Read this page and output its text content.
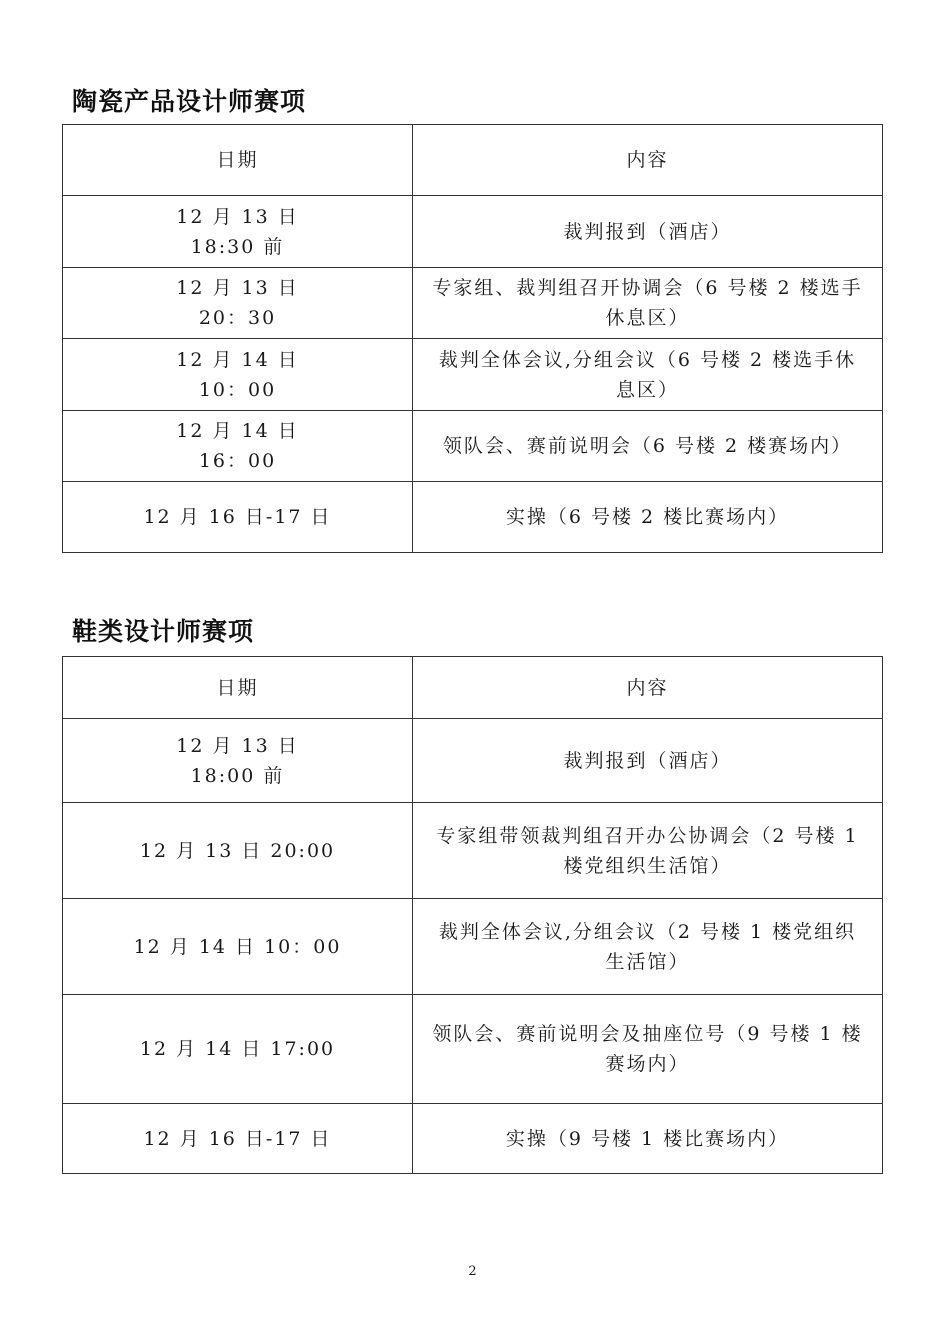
陶瓷产品设计师赛项
日期	内容

12 月 13 日
18:30 前	裁判报到（酒店）

12 月 13 日
20：30	专家组、裁判组召开协调会（6 号楼 2 楼选手
休息区）

12 月 14 日
10：00	裁判全体会议,分组会议（6 号楼 2 楼选手休
息区）

12 月 14 日
16：00	领队会、赛前说明会（6 号楼 2 楼赛场内）

12 月 16 日-17 日	实操（6 号楼 2 楼比赛场内）
鞋类设计师赛项
日期	内容

12 月 13 日
18:00 前	裁判报到（酒店）

12 月 13 日 20:00	专家组带领裁判组召开办公协调会（2 号楼 1
楼党组织生活馆）

12 月 14 日 10：00	裁判全体会议,分组会议（2 号楼 1 楼党组织
生活馆）

12 月 14 日 17:00	领队会、赛前说明会及抽座位号（9 号楼 1 楼
赛场内）

12 月 16 日-17 日	实操（9 号楼 1 楼比赛场内）
2
